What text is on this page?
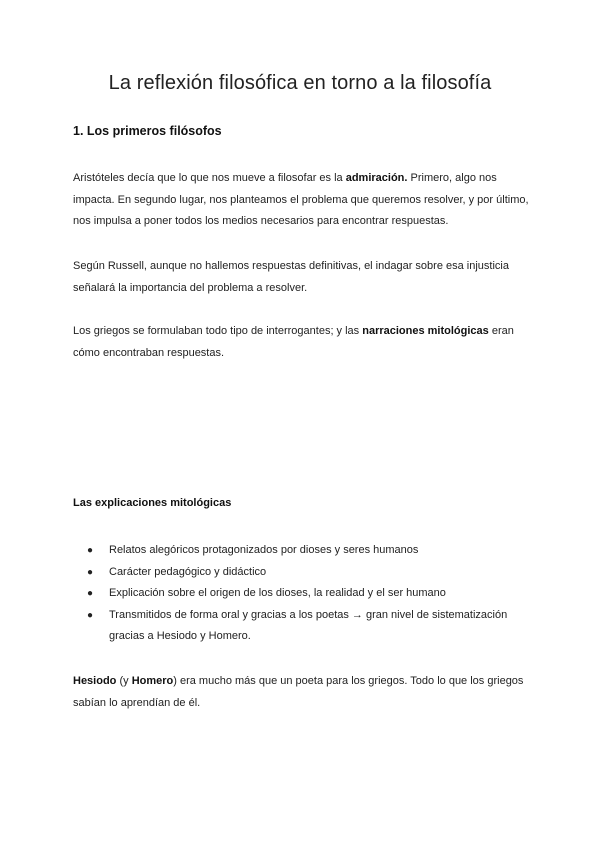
La reflexión filosófica en torno a la filosofía
1. Los primeros filósofos
Aristóteles decía que lo que nos mueve a filosofar es la admiración. Primero, algo nos impacta. En segundo lugar, nos planteamos el problema que queremos resolver, y por último, nos impulsa a poner todos los medios necesarios para encontrar respuestas.
Según Russell, aunque no hallemos respuestas definitivas, el indagar sobre esa injusticia señalará la importancia del problema a resolver.
Los griegos se formulaban todo tipo de interrogantes; y las narraciones mitológicas eran cómo encontraban respuestas.
Las explicaciones mitológicas
● Relatos alegóricos protagonizados por dioses y seres humanos
● Carácter pedagógico y didáctico
● Explicación sobre el origen de los dioses, la realidad y el ser humano
● Transmitidos de forma oral y gracias a los poetas → gran nivel de sistematización gracias a Hesiodo y Homero.
Hesiodo (y Homero) era mucho más que un poeta para los griegos. Todo lo que los griegos sabían lo aprendían de él.
